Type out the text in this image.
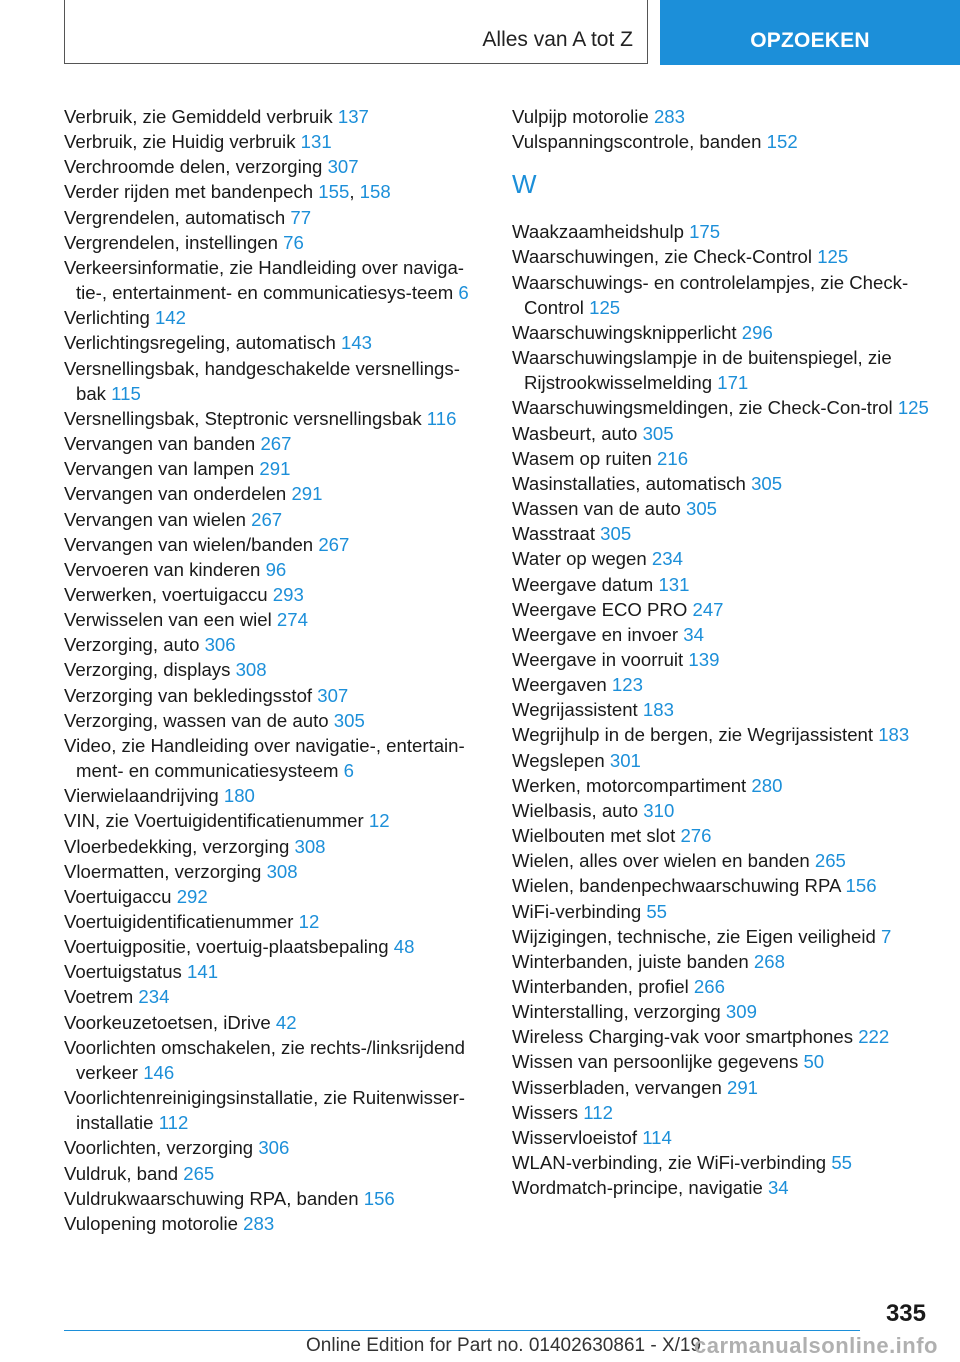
Alles van A tot Z	OPZOEKEN

Verbruik, zie Gemiddeld verbruik 137

Verbruik, zie Huidig verbruik 131

Verchroomde delen, verzorging 307

Verder rijden met bandenpech 155, 158

Vergrendelen, automatisch 77

Vergrendelen, instellingen 76

Verkeersinformatie, zie Handleiding over naviga-tie-, entertainment- en communicatiesys-teem 6

Verlichting 142

Verlichtingsregeling, automatisch 143

Versnellingsbak, handgeschakelde versnellings-bak 115

Versnellingsbak, Steptronic versnellingsbak 116

Vervangen van banden 267

Vervangen van lampen 291

Vervangen van onderdelen 291

Vervangen van wielen 267

Vervangen van wielen/banden 267

Vervoeren van kinderen 96

Verwerken, voertuigaccu 293

Verwisselen van een wiel 274

Verzorging, auto 306

Verzorging, displays 308

Verzorging van bekledingsstof 307

Verzorging, wassen van de auto 305

Video, zie Handleiding over navigatie-, entertain-ment- en communicatiesysteem 6

Vierwielaandrijving 180

VIN, zie Voertuigidentificatienummer 12

Vloerbedekking, verzorging 308

Vloermatten, verzorging 308

Voertuigaccu 292

Voertuigidentificatienummer 12

Voertuigpositie, voertuig-plaatsbepaling 48

Voertuigstatus 141

Voetrem 234

Voorkeuzetoetsen, iDrive 42

Voorlichten omschakelen, zie rechts-/linksrijdend verkeer 146

Voorlichtenreinigingsinstallatie, zie Ruitenwisser-installatie 112

Voorlichten, verzorging 306

Vuldruk, band 265

Vuldrukwaarschuwing RPA, banden 156

Vulopening motorolie 283

Vulpijp motorolie 283

Vulspanningscontrole, banden 152

W

Waakzaamheidshulp 175

Waarschuwingen, zie Check-Control 125

Waarschuwings- en controlelampjes, zie Check-Control 125

Waarschuwingsknipperlicht 296

Waarschuwingslampje in de buitenspiegel, zie Rijstrookwisselmelding 171

Waarschuwingsmeldingen, zie Check-Con-trol 125

Wasbeurt, auto 305

Wasem op ruiten 216

Wasinstallaties, automatisch 305

Wassen van de auto 305

Wasstraat 305

Water op wegen 234

Weergave datum 131

Weergave ECO PRO 247

Weergave en invoer 34

Weergave in voorruit 139

Weergaven 123

Wegrijassistent 183

Wegrijhulp in de bergen, zie Wegrijassistent 183

Wegslepen 301

Werken, motorcompartiment 280

Wielbasis, auto 310

Wielbouten met slot 276

Wielen, alles over wielen en banden 265

Wielen, bandenpechwaarschuwing RPA 156

WiFi-verbinding 55

Wijzigingen, technische, zie Eigen veiligheid 7

Winterbanden, juiste banden 268

Winterbanden, profiel 266

Winterstalling, verzorging 309

Wireless Charging-vak voor smartphones 222

Wissen van persoonlijke gegevens 50

Wisserbladen, vervangen 291

Wissers 112

Wisservloeistof 114

WLAN-verbinding, zie WiFi-verbinding 55

Wordmatch-principe, navigatie 34

335
Online Edition for Part no. 01402630861 - X/19
carmanualsonline.info
